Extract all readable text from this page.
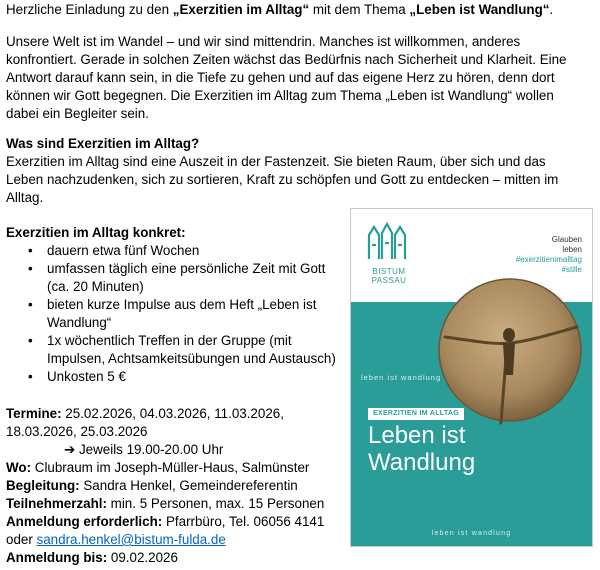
Herzliche Einladung zu den „Exerzitien im Alltag“ mit dem Thema „Leben ist Wandlung“.

Unsere Welt ist im Wandel – und wir sind mittendrin. Manches ist willkommen, anderes konfrontiert. Gerade in solchen Zeiten wächst das Bedürfnis nach Sicherheit und Klarheit. Eine Antwort darauf kann sein, in die Tiefe zu gehen und auf das eigene Herz zu hören, denn dort können wir Gott begegnen. Die Exerzitien im Alltag zum Thema „Leben ist Wandlung“ wollen dabei ein Begleiter sein.

Was sind Exerzitien im Alltag?

Exerzitien im Alltag sind eine Auszeit in der Fastenzeit. Sie bieten Raum, über sich und das Leben nachzudenken, sich zu sortieren, Kraft zu schöpfen und Gott zu entdecken – mitten im Alltag.

Exerzitien im Alltag konkret:

• dauern etwa fünf Wochen
• umfassen täglich eine persönliche Zeit mit Gott (ca. 20 Minuten)
• bieten kurze Impulse aus dem Heft „Leben ist Wandlung“
• 1x wöchentlich Treffen in der Gruppe (mit Impulsen, Achtsamkeitsübungen und Austausch)
• Unkosten 5 €

Termine: 25.02.2026, 04.03.2026, 11.03.2026, 18.03.2026, 25.03.2026

➔ Jeweils 19.00-20.00 Uhr

Wo: Clubraum im Joseph-Müller-Haus, Salmünster

Begleitung: Sandra Henkel, Gemeindereferentin

Teilnehmerzahl: min. 5 Personen, max. 15 Personen

Anmeldung erforderlich: Pfarrbüro, Tel. 06056 4141

oder sandra.henkel@bistum-fulda.de

Anmeldung bis: 09.02.2026

BISTUM
PASSAU
Glauben
leben
#exerzitienimalltag
#stille
leben ist wandlung
EXERZITIEN IM ALLTAG
Leben ist
Wandlung
leben ist wandlung
